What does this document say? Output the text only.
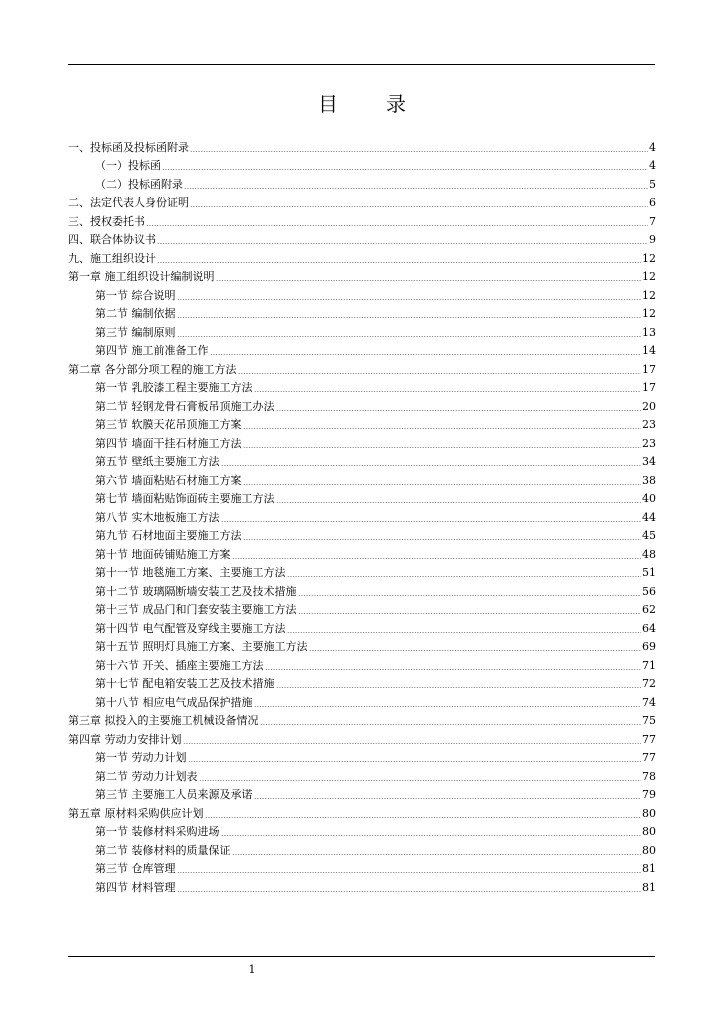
目　录
一、投标函及投标函附录	4
（一）投标函	4
（二）投标函附录	5
二、法定代表人身份证明	6
三、授权委托书	7
四、联合体协议书	9
九、施工组织设计	12
第一章 施工组织设计编制说明	12
第一节 综合说明	12
第二节 编制依据	12
第三节 编制原则	13
第四节 施工前准备工作	14
第二章 各分部分项工程的施工方法	17
第一节 乳胶漆工程主要施工方法	17
第二节 轻钢龙骨石膏板吊顶施工办法	20
第三节 软膜天花吊顶施工方案	23
第四节 墙面干挂石材施工方法	23
第五节 壁纸主要施工方法	34
第六节 墙面粘贴石材施工方案	38
第七节 墙面粘贴饰面砖主要施工方法	40
第八节 实木地板施工方法	44
第九节 石材地面主要施工方法	45
第十节 地面砖铺贴施工方案	48
第十一节 地毯施工方案、主要施工方法	51
第十二节 玻璃隔断墙安装工艺及技术措施	56
第十三节 成品门和门套安装主要施工方法	62
第十四节 电气配管及穿线主要施工方法	64
第十五节 照明灯具施工方案、主要施工方法	69
第十六节 开关、插座主要施工方法	71
第十七节 配电箱安装工艺及技术措施	72
第十八节 相应电气成品保护措施	74
第三章 拟投入的主要施工机械设备情况	75
第四章 劳动力安排计划	77
第一节 劳动力计划	77
第二节 劳动力计划表	78
第三节 主要施工人员来源及承诺	79
第五章 原材料采购供应计划	80
第一节 装修材料采购进场	80
第二节 装修材料的质量保证	80
第三节 仓库管理	81
第四节 材料管理	81
1
